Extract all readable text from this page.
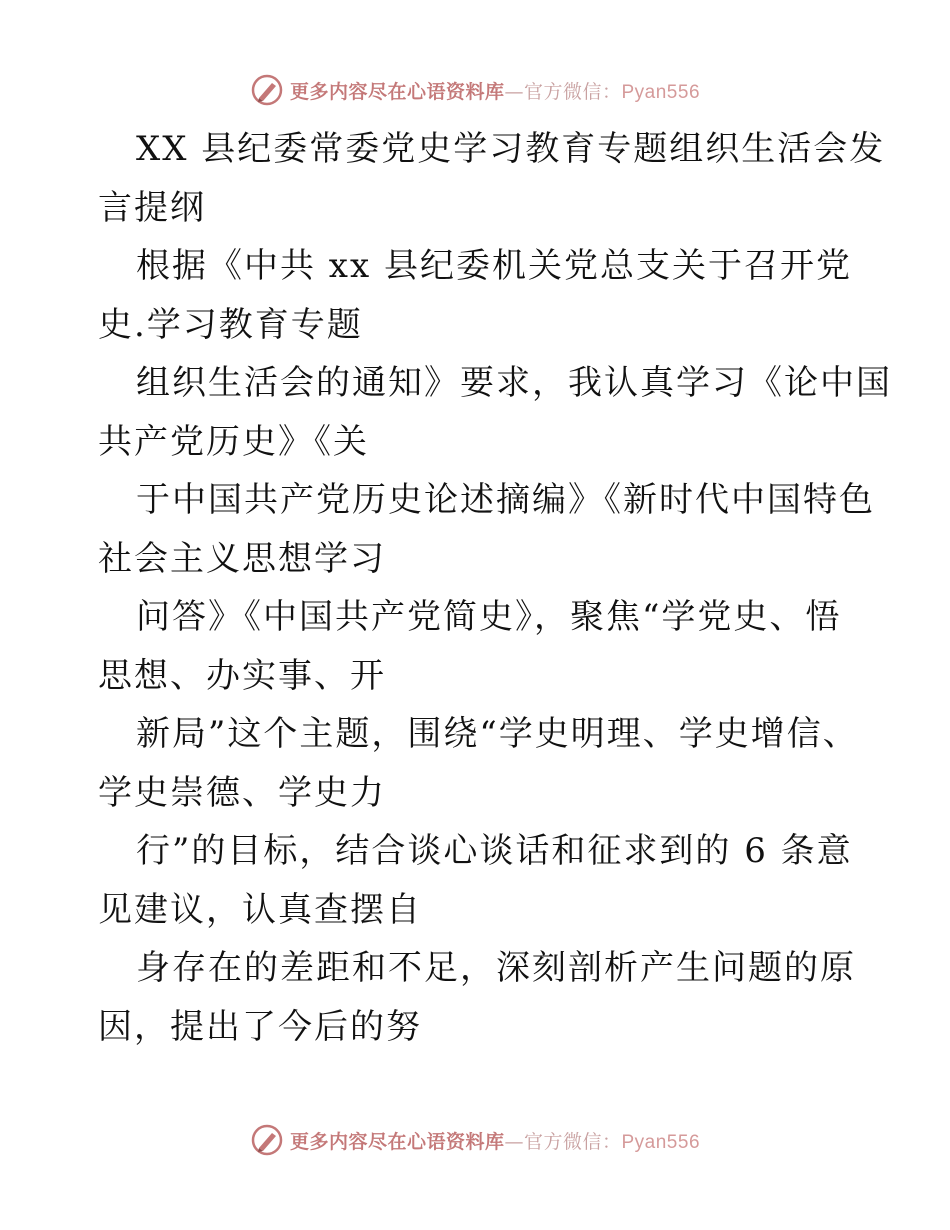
更多内容尽在心语资料库—官方微信：Pyan556
XX 县纪委常委党史学习教育专题组织生活会发
言提纲
根据《中共 xx 县纪委机关党总支关于召开党
史.学习教育专题
组织生活会的通知》要求，我认真学习《论中国
共产党历史》《关
于中国共产党历史论述摘编》《新时代中国特色
社会主义思想学习
问答》《中国共产党简史》，聚焦“学党史、悟
思想、办实事、开
新局”这个主题，围绕“学史明理、学史增信、
学史崇德、学史力
行”的目标，结合谈心谈话和征求到的 6 条意
见建议，认真查摆自
身存在的差距和不足，深刻剖析产生问题的原
因，提出了今后的努
更多内容尽在心语资料库—官方微信：Pyan556
